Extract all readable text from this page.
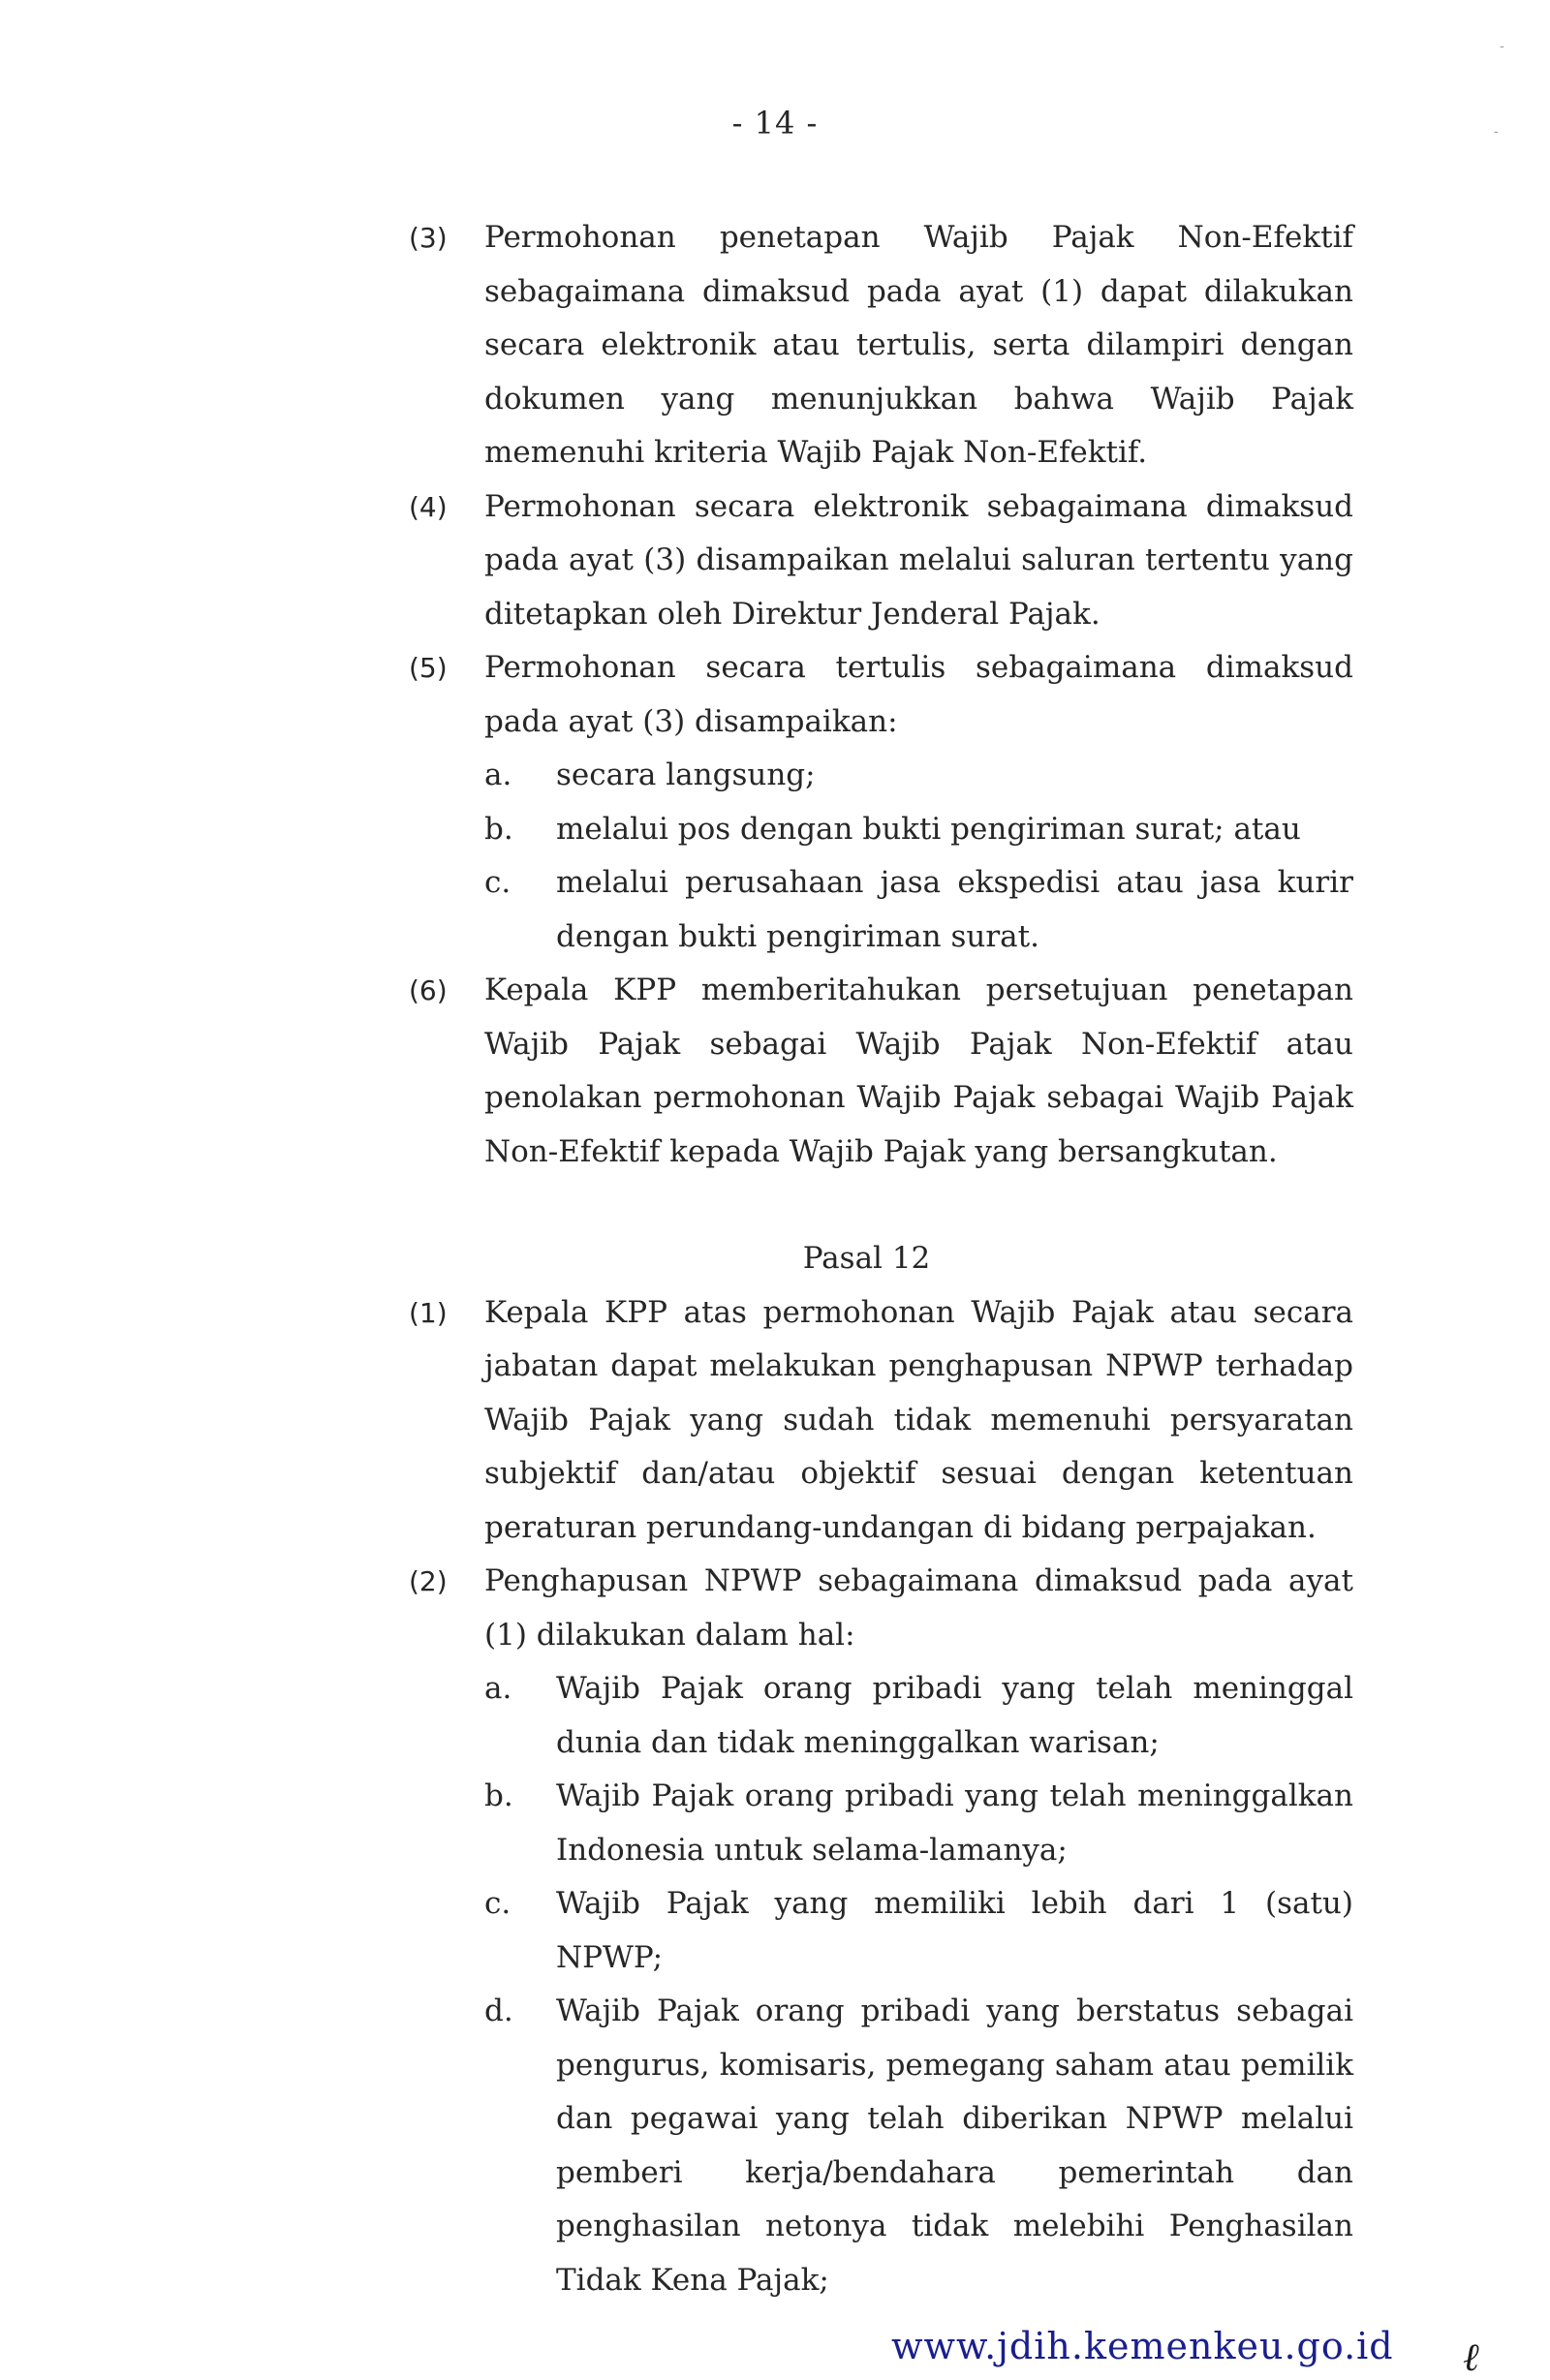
- 14 -
-
-
(3)	Permohonan penetapan Wajib Pajak Non-Efektif sebagaimana dimaksud pada ayat (1) dapat dilakukan secara elektronik atau tertulis, serta dilampiri dengan dokumen yang menunjukkan bahwa Wajib Pajak memenuhi kriteria Wajib Pajak Non-Efektif.
(4)	Permohonan secara elektronik sebagaimana dimaksud pada ayat (3) disampaikan melalui saluran tertentu yang ditetapkan oleh Direktur Jenderal Pajak.
(5)	Permohonan secara tertulis sebagaimana dimaksud pada ayat (3) disampaikan:
a.	secara langsung;
b.	melalui pos dengan bukti pengiriman surat; atau
c.	melalui perusahaan jasa ekspedisi atau jasa kurir dengan bukti pengiriman surat.
(6)	Kepala KPP memberitahukan persetujuan penetapan Wajib Pajak sebagai Wajib Pajak Non-Efektif atau penolakan permohonan Wajib Pajak sebagai Wajib Pajak Non-Efektif kepada Wajib Pajak yang bersangkutan.
Pasal 12
(1)	Kepala KPP atas permohonan Wajib Pajak atau secara jabatan dapat melakukan penghapusan NPWP terhadap Wajib Pajak yang sudah tidak memenuhi persyaratan subjektif dan/atau objektif sesuai dengan ketentuan peraturan perundang-undangan di bidang perpajakan.
(2)	Penghapusan NPWP sebagaimana dimaksud pada ayat (1) dilakukan dalam hal:
a.	Wajib Pajak orang pribadi yang telah meninggal dunia dan tidak meninggalkan warisan;
b.	Wajib Pajak orang pribadi yang telah meninggalkan Indonesia untuk selama-lamanya;
c.	Wajib Pajak yang memiliki lebih dari 1 (satu) NPWP;
d.	Wajib Pajak orang pribadi yang berstatus sebagai pengurus, komisaris, pemegang saham atau pemilik dan pegawai yang telah diberikan NPWP melalui pemberi kerja/bendahara pemerintah dan penghasilan netonya tidak melebihi Penghasilan Tidak Kena Pajak;
www.jdih.kemenkeu.go.id ℓ
